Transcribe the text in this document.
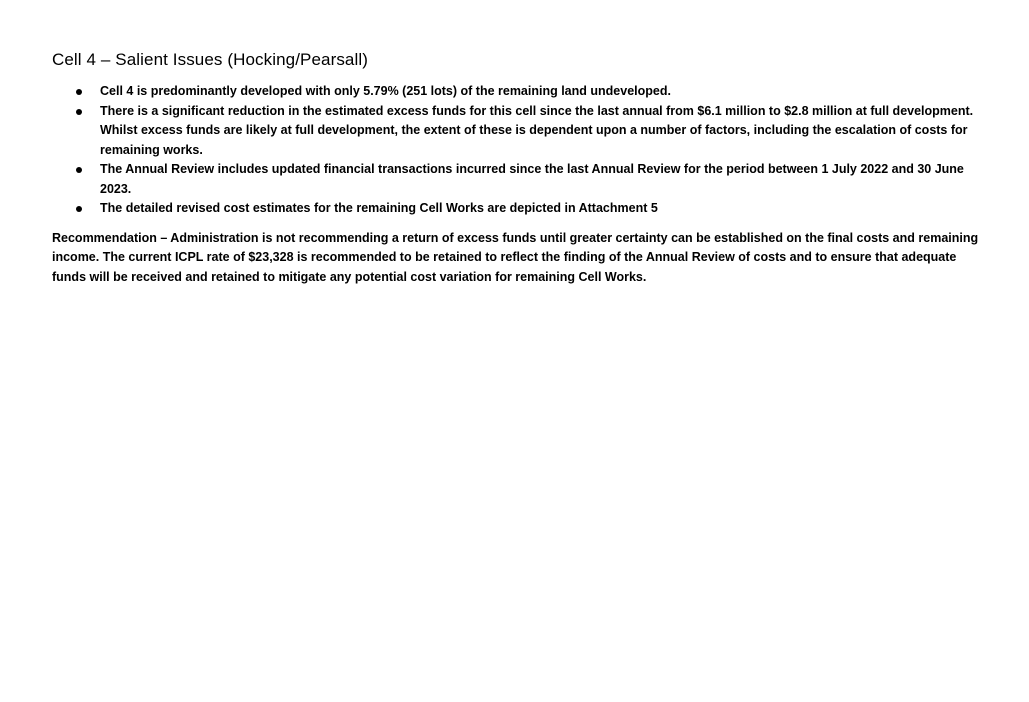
Cell 4 – Salient Issues (Hocking/Pearsall)
Cell 4 is predominantly developed with only 5.79% (251 lots) of the remaining land undeveloped.
There is a significant reduction in the estimated excess funds for this cell since the last annual from $6.1 million to $2.8 million at full development. Whilst excess funds are likely at full development, the extent of these is dependent upon a number of factors, including the escalation of costs for remaining works.
The Annual Review includes updated financial transactions incurred since the last Annual Review for the period between 1 July 2022 and 30 June 2023.
The detailed revised cost estimates for the remaining Cell Works are depicted in Attachment 5

Recommendation – Administration is not recommending a return of excess funds until greater certainty can be established on the final costs and remaining income. The current ICPL rate of $23,328 is recommended to be retained to reflect the finding of the Annual Review of costs and to ensure that adequate funds will be received and retained to mitigate any potential cost variation for remaining Cell Works.
